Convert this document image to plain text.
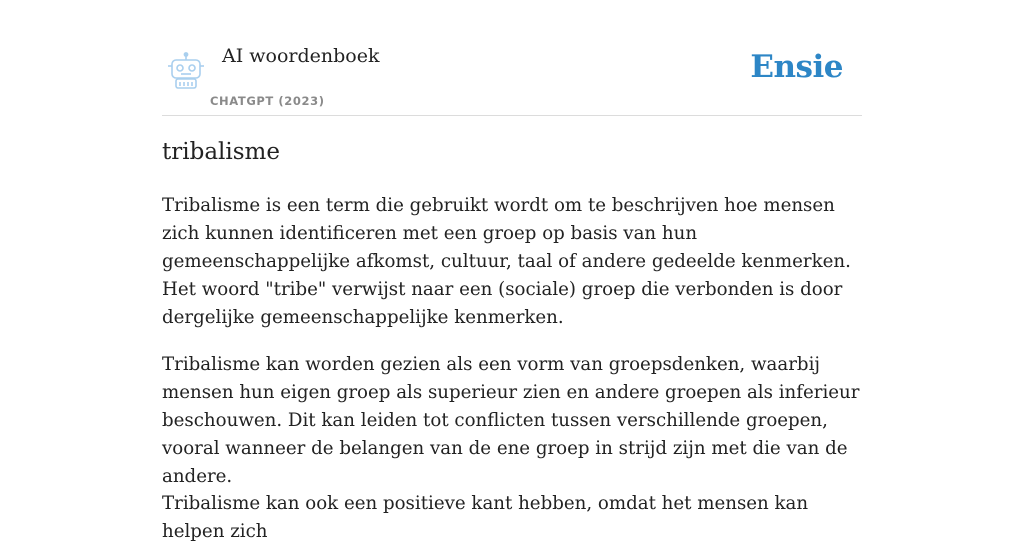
AI woordenboek
CHATGPT (2023)
Ensie
tribalisme

Tribalisme is een term die gebruikt wordt om te beschrijven hoe mensen zich kunnen identificeren met een groep op basis van hun gemeenschappelijke afkomst, cultuur, taal of andere gedeelde kenmerken. Het woord "tribe" verwijst naar een (sociale) groep die verbonden is door dergelijke gemeenschappelijke kenmerken.

Tribalisme kan worden gezien als een vorm van groepsdenken, waarbij mensen hun eigen groep als superieur zien en andere groepen als inferieur beschouwen. Dit kan leiden tot conflicten tussen verschillende groepen, vooral wanneer de belangen van de ene groep in strijd zijn met die van de andere.

Tribalisme kan ook een positieve kant hebben, omdat het mensen kan helpen zich
